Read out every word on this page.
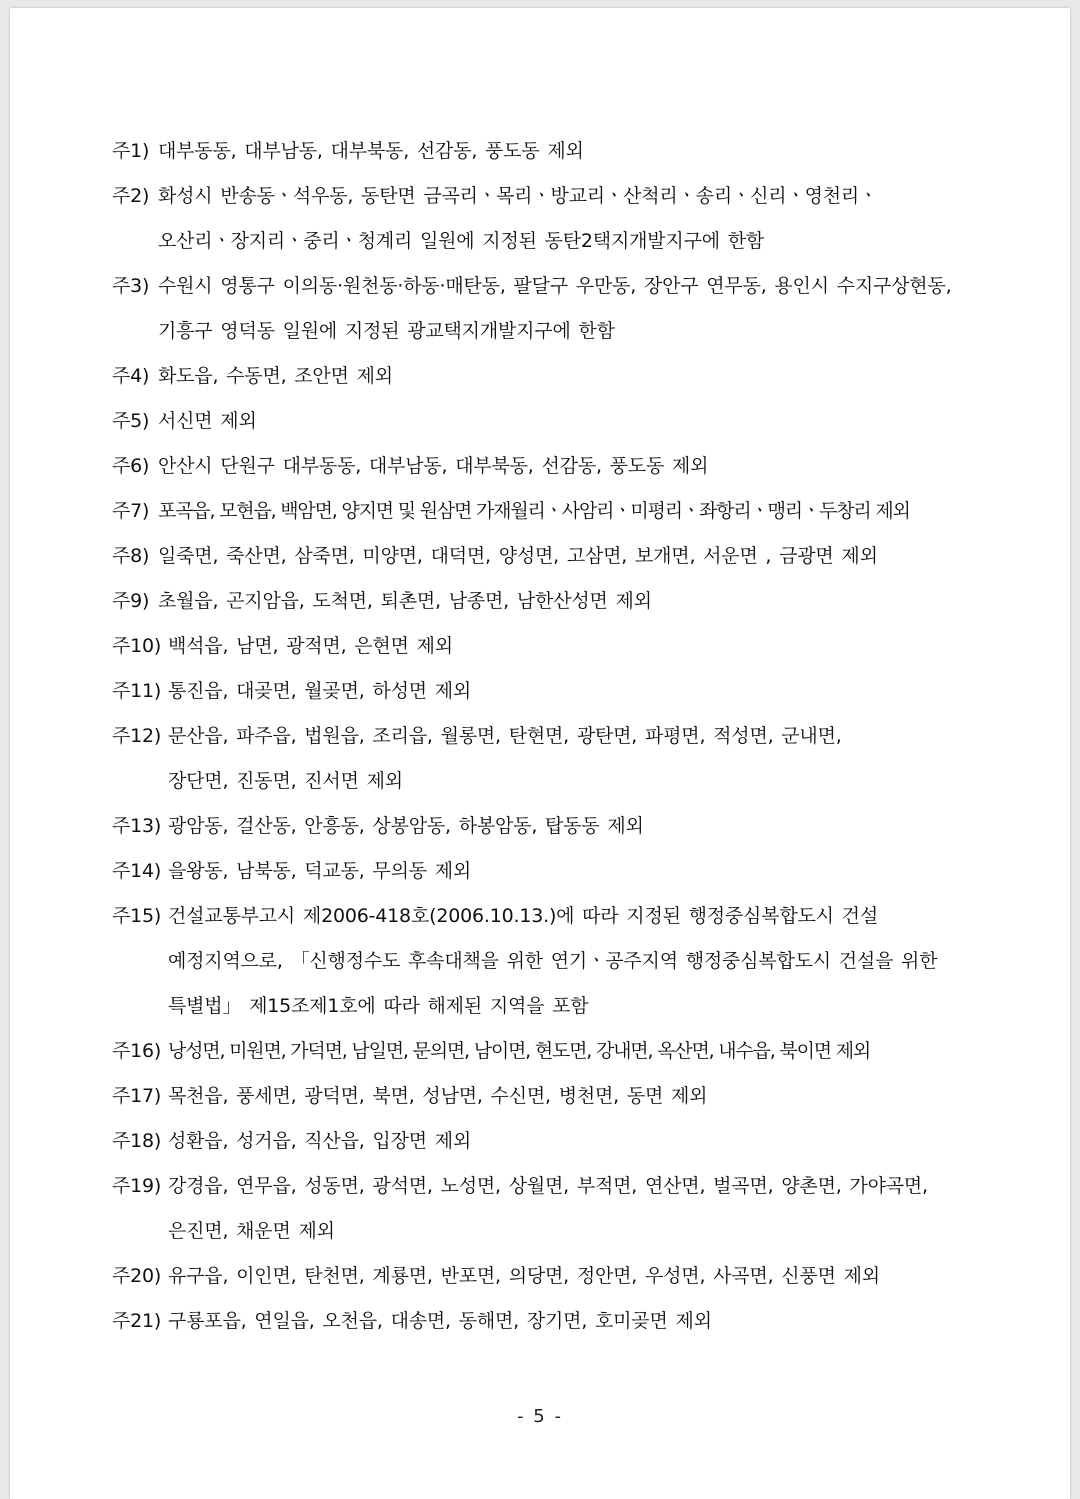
주1) 대부동동, 대부남동, 대부북동, 선감동, 풍도동 제외
주2) 화성시 반송동ㆍ석우동, 동탄면 금곡리ㆍ목리ㆍ방교리ㆍ산척리ㆍ송리ㆍ신리ㆍ영천리ㆍ
오산리ㆍ장지리ㆍ중리ㆍ청계리 일원에 지정된 동탄2택지개발지구에 한함
주3) 수원시 영통구 이의동·원천동·하동·매탄동, 팔달구 우만동, 장안구 연무동, 용인시 수지구상현동,
기흥구 영덕동 일원에 지정된 광교택지개발지구에 한함
주4) 화도읍, 수동면, 조안면 제외
주5) 서신면 제외
주6) 안산시 단원구 대부동동, 대부남동, 대부북동, 선감동, 풍도동 제외
주7) 포곡읍, 모현읍, 백암면, 양지면 및 원삼면 가재월리ㆍ사암리ㆍ미평리ㆍ좌항리ㆍ맹리ㆍ두창리 제외
주8) 일죽면, 죽산면, 삼죽면, 미양면, 대덕면, 양성면, 고삼면, 보개면, 서운면 , 금광면 제외
주9) 초월읍, 곤지암읍, 도척면, 퇴촌면, 남종면, 남한산성면 제외
주10) 백석읍, 남면, 광적면, 은현면 제외
주11) 통진읍, 대곶면, 월곶면, 하성면 제외
주12) 문산읍, 파주읍, 법원읍, 조리읍, 월롱면, 탄현면, 광탄면, 파평면, 적성면, 군내면,
장단면, 진동면, 진서면 제외
주13) 광암동, 걸산동, 안흥동, 상봉암동, 하봉암동, 탑동동 제외
주14) 을왕동, 남북동, 덕교동, 무의동 제외
주15) 건설교통부고시 제2006-418호(2006.10.13.)에 따라 지정된 행정중심복합도시 건설
예정지역으로, 「신행정수도 후속대책을 위한 연기ㆍ공주지역 행정중심복합도시 건설을 위한
특별법」 제15조제1호에 따라 해제된 지역을 포함
주16) 낭성면, 미원면, 가덕면, 남일면, 문의면, 남이면, 현도면, 강내면, 옥산면, 내수읍, 북이면 제외
주17) 목천읍, 풍세면, 광덕면, 북면, 성남면, 수신면, 병천면, 동면 제외
주18) 성환읍, 성거읍, 직산읍, 입장면 제외
주19) 강경읍, 연무읍, 성동면, 광석면, 노성면, 상월면, 부적면, 연산면, 벌곡면, 양촌면, 가야곡면,
은진면, 채운면 제외
주20) 유구읍, 이인면, 탄천면, 계룡면, 반포면, 의당면, 정안면, 우성면, 사곡면, 신풍면 제외
주21) 구룡포읍, 연일읍, 오천읍, 대송면, 동해면, 장기면, 호미곶면 제외
- 5 -
